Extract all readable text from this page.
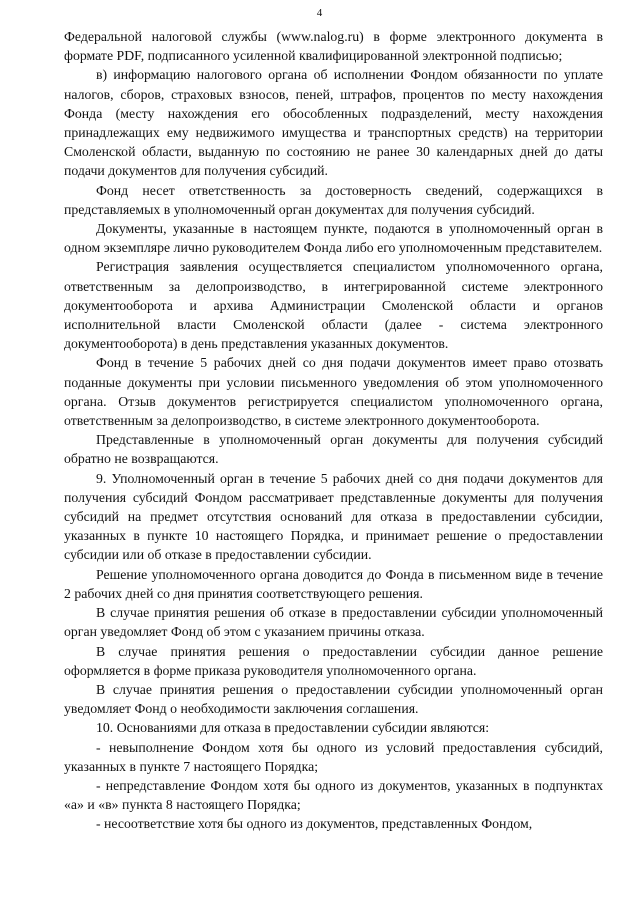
4

Федеральной налоговой службы (www.nalog.ru) в форме электронного документа в формате PDF, подписанного усиленной квалифицированной электронной подписью;

в) информацию налогового органа об исполнении Фондом обязанности по уплате налогов, сборов, страховых взносов, пеней, штрафов, процентов по месту нахождения Фонда (месту нахождения его обособленных подразделений, месту нахождения принадлежащих ему недвижимого имущества и транспортных средств) на территории Смоленской области, выданную по состоянию не ранее 30 календарных дней до даты подачи документов для получения субсидий.

Фонд несет ответственность за достоверность сведений, содержащихся в представляемых в уполномоченный орган документах для получения субсидий.

Документы, указанные в настоящем пункте, подаются в уполномоченный орган в одном экземпляре лично руководителем Фонда либо его уполномоченным представителем.

Регистрация заявления осуществляется специалистом уполномоченного органа, ответственным за делопроизводство, в интегрированной системе электронного документооборота и архива Администрации Смоленской области и органов исполнительной власти Смоленской области (далее - система электронного документооборота) в день представления указанных документов.

Фонд в течение 5 рабочих дней со дня подачи документов имеет право отозвать поданные документы при условии письменного уведомления об этом уполномоченного органа. Отзыв документов регистрируется специалистом уполномоченного органа, ответственным за делопроизводство, в системе электронного документооборота.

Представленные в уполномоченный орган документы для получения субсидий обратно не возвращаются.

9. Уполномоченный орган в течение 5 рабочих дней со дня подачи документов для получения субсидий Фондом рассматривает представленные документы для получения субсидий на предмет отсутствия оснований для отказа в предоставлении субсидии, указанных в пункте 10 настоящего Порядка, и принимает решение о предоставлении субсидии или об отказе в предоставлении субсидии.

Решение уполномоченного органа доводится до Фонда в письменном виде в течение 2 рабочих дней со дня принятия соответствующего решения.

В случае принятия решения об отказе в предоставлении субсидии уполномоченный орган уведомляет Фонд об этом с указанием причины отказа.

В случае принятия решения о предоставлении субсидии данное решение оформляется в форме приказа руководителя уполномоченного органа.

В случае принятия решения о предоставлении субсидии уполномоченный орган уведомляет Фонд о необходимости заключения соглашения.

10. Основаниями для отказа в предоставлении субсидии являются:

- невыполнение Фондом хотя бы одного из условий предоставления субсидий, указанных в пункте 7 настоящего Порядка;

- непредставление Фондом хотя бы одного из документов, указанных в подпунктах «а» и «в» пункта 8 настоящего Порядка;

- несоответствие хотя бы одного из документов, представленных Фондом,
